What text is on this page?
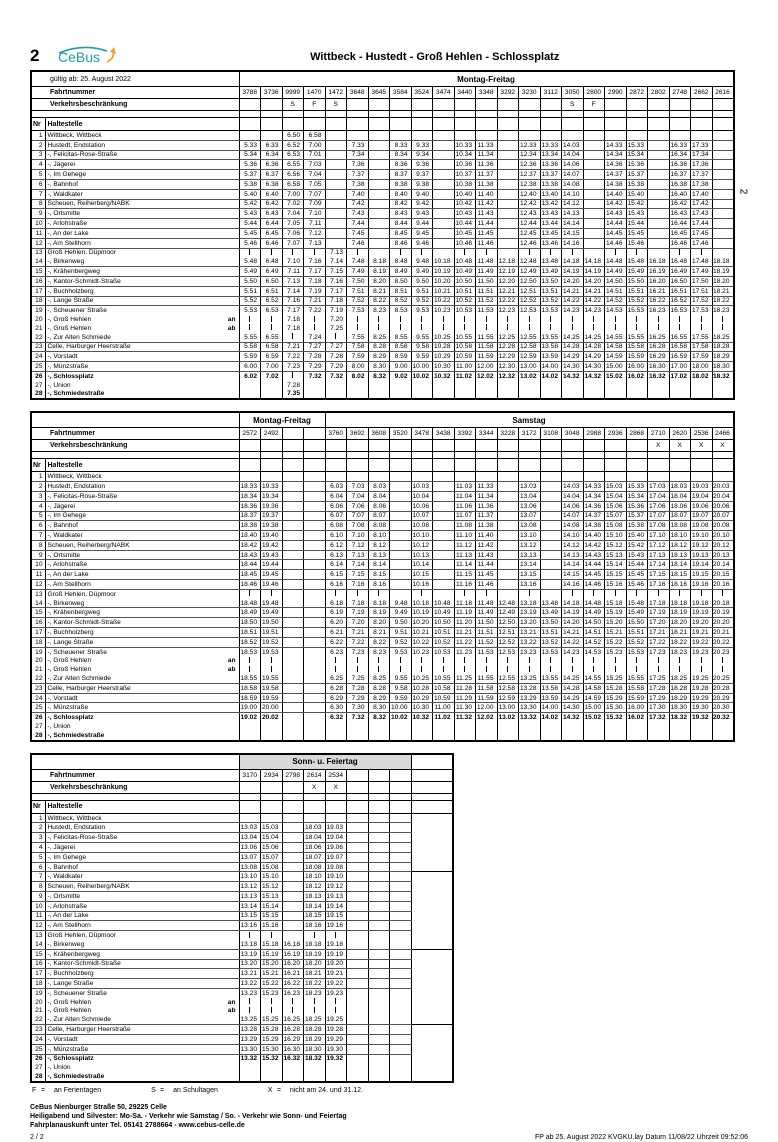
2 CeBus	Wittbeck - Hustedt - Groß Hehlen - Schlossplatz
gültig ab: 25. August 2022		Montag-Freitag																						
Fahrtnummer		3788	3736	9999	1470	1472	3648	3645	3584	3524	3474	3440	3348	3292	3230	3112	3050	2800	2990	2872	2802	2748	2662	2616
Verkehrsbeschränkung				S	F	S											S	F						

Nr	Haltestelle																							
1	Wittbeck, Wittbeck			6.50	6.58																			
2	Hustedt, Endstation	5.33	6.33	6.52	7.00		7.33		8.33	9.33		10.33	11.33		12.33	13.33	14.03		14.33	15.33		16.33	17.33	
3	-, Felicitas-Rose-Straße	5.34	6.34	6.53	7.01		7.34		8.34	9.34		10.34	11.34		12.34	13.34	14.04		14.34	15.34		16.34	17.34	
4	-, Jägerei	5.36	6.36	6.55	7.03		7.36		8.36	9.36		10.36	11.36		12.36	13.36	14.06		14.36	15.36		16.36	17.36	
5	-, Im Gehege	5.37	6.37	6.56	7.04		7.37		8.37	9.37		10.37	11.37		12.37	13.37	14.07		14.37	15.37		16.37	17.37	
6	-, Bahnhof	5.38	6.38	6.58	7.05		7.38		8.38	9.38		10.38	11.38		12.38	13.38	14.08		14.38	15.38		16.38	17.38	
7	-, Waldkater	5.40	6.40	7.00	7.07		7.40		8.40	9.40		10.40	11.40		12.40	13.40	14.10		14.40	15.40		16.40	17.40	
8	Scheuen, Reiherberg/NABK	5.42	6.42	7.02	7.09		7.42		8.42	9.42		10.42	11.42		12.42	13.42	14.12		14.42	15.42		16.42	17.42	
9	-, Ortsmitte	5.43	6.43	7.04	7.10		7.43		8.43	9.43		10.43	11.43		12.43	13.43	14.13		14.43	15.43		16.43	17.43	
10	-, Arlohstraße	5.44	6.44	7.05	7.11		7.44		8.44	9.44		10.44	11.44		12.44	13.44	14.14		14.44	15.44		16.44	17.44	
11	-, An der Lake	5.45	6.45	7.06	7.12		7.45		8.45	9.45		10.45	11.45		12.45	13.45	14.15		14.45	15.45		16.45	17.45	
12	-, Am Stellhorn	5.46	6.46	7.07	7.13		7.46		8.46	9.46		10.46	11.46		12.46	13.46	14.16		14.46	15.46		16.46	17.46	
13	Groß Hehlen, Düpmoor					7.13																		
14	-, Birkenweg	5.48	6.48	7.10	7.16	7.14	7.48	8.18	8.48	9.48	10.18	10.48	11.48	12.18	12.48	13.48	14.18	14.18	14.48	15.48	16.18	16.48	17.48	18.18
15	-, Krähenbergweg	5.49	6.49	7.11	7.17	7.15	7.49	8.19	8.49	9.49	10.19	10.49	11.49	12.19	12.49	13.49	14.19	14.19	14.49	15.49	16.19	16.49	17.49	18.19
16	-, Kantor-Schmidt-Straße	5.50	6.50	7.13	7.18	7.16	7.50	8.20	8.50	9.50	10.20	10.50	11.50	12.20	12.50	13.50	14.20	14.20	14.50	15.50	16.20	16.50	17.50	18.20
17	-, Buchholzberg	5.51	6.51	7.14	7.19	7.17	7.51	8.21	8.51	9.51	10.21	10.51	11.51	12.21	12.51	13.51	14.21	14.21	14.51	15.51	16.21	16.51	17.51	18.21
18	-, Lange Straße	5.52	6.52	7.16	7.21	7.18	7.52	8.22	8.52	9.52	10.22	10.52	11.52	12.22	12.52	13.52	14.22	14.22	14.52	15.52	16.22	16.52	17.52	18.22
19	-, Scheuener Straße	5.53	6.53	7.17	7.22	7.19	7.53	8.23	8.53	9.53	10.23	10.53	11.53	12.23	12.53	13.53	14.23	14.23	14.53	15.53	16.23	16.53	17.53	18.23
20	-, Groß Hehlen an			7.18		7.20																		
21	-, Groß Hehlen ab			7.18		7.25																		
22	-, Zur Alten Schmiede	5.55	6.55		7.24		7.55	8.25	8.55	9.55	10.25	10.55	11.55	12.25	12.55	13.55	14.25	14.25	14.55	15.55	16.25	16.55	17.55	18.25
23	Celle, Harburger Heerstraße	5.58	6.58	7.21	7.27	7.27	7.58	8.28	8.58	9.58	10.28	10.58	11.58	12.28	12.58	13.58	14.28	14.28	14.58	15.58	16.28	16.58	17.58	18.28
24	-, Vorstadt	5.59	6.59	7.22	7.28	7.28	7.59	8.29	8.59	9.59	10.29	10.59	11.59	12.29	12.59	13.59	14.29	14.29	14.59	15.59	16.29	16.59	17.59	18.29
25	-, Münzstraße	6.00	7.00	7.23	7.29	7.29	8.00	8.30	9.00	10.00	10.30	11.00	12.00	12.30	13.00	14.00	14.30	14.30	15.00	16.00	16.30	17.00	18.00	18.30
26	-, Schlossplatz	6.02	7.02		7.32	7.32	8.02	8.32	9.02	10.02	10.32	11.02	12.02	12.32	13.02	14.02	14.32	14.32	15.02	16.02	16.32	17.02	18.02	18.32
27	-, Union			7.28																				
28	-, Schmiedestraße			7.35																				
		Montag-Freitag				Samstag																		
Fahrtnummer		2572	2492			3760	3692	3608	3520	3478	3438	3392	3344	3228	3172	3108	3048	2988	2936	2868	2710	2620	2536	2466
Verkehrsbeschränkung																					X	X	X	X

Nr	Haltestelle																							
1	Wittbeck, Wittbeck																							
2	Hustedt, Endstation	18.33	19.33			6.03	7.03	8.03		10.03		11.03	11.33		13.03		14.03	14.33	15.03	15.33	17.03	18.03	19.03	20.03
3	-, Felicitas-Rose-Straße	18.34	19.34			6.04	7.04	8.04		10.04		11.04	11.34		13.04		14.04	14.34	15.04	15.34	17.04	18.04	19.04	20.04
4	-, Jägerei	18.36	19.36			6.06	7.06	8.06		10.06		11.06	11.36		13.06		14.06	14.36	15.06	15.36	17.06	18.06	19.06	20.06
5	-, Im Gehege	18.37	19.37			6.07	7.07	8.07		10.07		11.07	11.37		13.07		14.07	14.37	15.07	15.37	17.07	18.07	19.07	20.07
6	-, Bahnhof	18.38	19.38			6.08	7.08	8.08		10.08		11.08	11.38		13.08		14.08	14.38	15.08	15.38	17.08	18.08	19.08	20.08
7	-, Waldkater	18.40	19.40			6.10	7.10	8.10		10.10		11.10	11.40		13.10		14.10	14.40	15.10	15.40	17.10	18.10	19.10	20.10
8	Scheuen, Reiherberg/NABK	18.42	19.42			6.12	7.12	8.12		10.12		11.12	11.42		13.12		14.12	14.42	15.12	15.42	17.12	18.12	19.12	20.12
9	-, Ortsmitte	18.43	19.43			6.13	7.13	8.13		10.13		11.13	11.43		13.13		14.13	14.43	15.13	15.43	17.13	18.13	19.13	20.13
10	-, Arlohstraße	18.44	19.44			6.14	7.14	8.14		10.14		11.14	11.44		13.14		14.14	14.44	15.14	15.44	17.14	18.14	19.14	20.14
11	-, An der Lake	18.45	19.45			6.15	7.15	8.15		10.15		11.15	11.45		13.15		14.15	14.45	15.15	15.45	17.15	18.15	19.15	20.15
12	-, Am Stellhorn	18.46	19.46			6.16	7.16	8.16		10.16		11.16	11.46		13.16		14.16	14.46	15.16	15.46	17.16	18.16	19.16	20.16
13	Groß Hehlen, Düpmoor																							
14	-, Birkenweg	18.48	19.48			6.18	7.18	8.18	9.48	10.18	10.48	11.18	11.48	12.48	13.18	13.48	14.18	14.48	15.18	15.48	17.18	18.18	19.18	20.18
15	-, Krähenbergweg	18.49	19.49			6.19	7.19	8.19	9.49	10.19	10.49	11.19	11.49	12.49	13.19	13.49	14.19	14.49	15.19	15.49	17.19	18.19	19.19	20.19
16	-, Kantor-Schmidt-Straße	18.50	19.50			6.20	7.20	8.20	9.50	10.20	10.50	11.20	11.50	12.50	13.20	13.50	14.20	14.50	15.20	15.50	17.20	18.20	19.20	20.20
17	-, Buchholzberg	18.51	19.51			6.21	7.21	8.21	9.51	10.21	10.51	11.21	11.51	12.51	13.21	13.51	14.21	14.51	15.21	15.51	17.21	18.21	19.21	20.21
18	-, Lange Straße	18.52	19.52			6.22	7.22	8.22	9.52	10.22	10.52	11.22	11.52	12.52	13.22	13.52	14.22	14.52	15.22	15.52	17.22	18.22	19.22	20.22
19	-, Scheuener Straße	18.53	19.53			6.23	7.23	8.23	9.53	10.23	10.53	11.23	11.53	12.53	13.23	13.53	14.23	14.53	15.23	15.53	17.23	18.23	19.23	20.23
20	-, Groß Hehlen an																							

21	-, Groß Hehlen ab																							

22	-, Zur Alten Schmiede	18.55	19.55			6.25	7.25	8.25	9.55	10.25	10.55	11.25	11.55	12.55	13.25	13.55	14.25	14.55	15.25	15.55	17.25	18.25	19.25	20.25
23	Celle, Harburger Heerstraße	18.58	19.58			6.28	7.28	8.28	9.58	10.28	10.58	11.28	11.58	12.58	13.28	13.58	14.28	14.58	15.28	15.58	17.28	18.28	19.28	20.28
24	-, Vorstadt	18.59	19.59			6.29	7.29	8.29	9.59	10.29	10.59	11.29	11.59	12.59	13.29	13.59	14.29	14.59	15.29	15.59	17.29	18.29	19.29	20.29
25	-, Münzstraße	19.00	20.00			6.30	7.30	8.30	10.00	10.30	11.00	11.30	12.00	13.00	13.30	14.00	14.30	15.00	15.30	16.00	17.30	18.30	19.30	20.30
26	-, Schlossplatz	19.02	20.02			6.32	7.32	8.32	10.02	10.32	11.02	11.32	12.02	13.02	13.32	14.02	14.32	15.02	15.32	16.02	17.32	18.32	19.32	20.32
27	-, Union																							
28	-, Schmiedestraße																							
		Sonn- u. Feiertag								
Fahrtnummer		3170	2934	2798	2614	2534				
Verkehrsbeschränkung					X	X				

Nr	Haltestelle									
1	Wittbeck, Wittbeck									
2	Hustedt, Endstation	13.03	15.03		18.03	19.03				
3	-, Felicitas-Rose-Straße	13.04	15.04		18.04	19.04				
4	-, Jägerei	13.06	15.06		18.06	19.06				
5	-, Im Gehege	13.07	15.07		18.07	19.07				
6	-, Bahnhof	13.08	15.08		18.08	19.08				
7	-, Waldkater	13.10	15.10		18.10	19.10				
8	Scheuen, Reiherberg/NABK	13.12	15.12		18.12	19.12				
9	-, Ortsmitte	13.13	15.13		18.13	19.13				
10	-, Arlohstraße	13.14	15.14		18.14	19.14				
11	-, An der Lake	13.15	15.15		18.15	19.15				
12	-, Am Stellhorn	13.16	15.16		18.16	19.16				
13	Groß Hehlen, Düpmoor									
14	-, Birkenweg	13.18	15.18	16.18	18.18	19.18				
15	-, Krähenbergweg	13.19	15.19	16.19	18.19	19.19				
16	-, Kantor-Schmidt-Straße	13.20	15.20	16.20	18.20	19.20				
17	-, Buchholzberg	13.21	15.21	16.21	18.21	19.21				
18	-, Lange Straße	13.22	15.22	16.22	18.22	19.22				
19	-, Scheuener Straße	13.23	15.23	16.23	18.23	19.23				
20	-, Groß Hehlen an									

21	-, Groß Hehlen ab									

22	-, Zur Alten Schmiede	13.25	15.25	16.25	18.25	19.25				
23	Celle, Harburger Heerstraße	13.28	15.28	16.28	18.28	19.28				
24	-, Vorstadt	13.29	15.29	16.29	18.29	19.29				
25	-, Münzstraße	13.30	15.30	16.30	18.30	19.30				
26	-, Schlossplatz	13.32	15.32	16.32	18.32	19.32				
27	-, Union									
28	-, Schmiedestraße									
F =	an Ferientagen	S =	an Schultagen	X =	nicht am 24. und 31.12.
CeBus Nienburger Straße 50, 29225 Celle
Heiligabend und Silvester: Mo-Sa. - Verkehr wie Samstag / So. - Verkehr wie Sonn- und Feiertag
Fahrplanauskunft unter Tel. 05141 2788664 - www.cebus-celle.de
2 / 2	FP ab 25. August 2022 KVGKU.lay Datum 11/08/22 Uhrzeit 09:52:06
2
